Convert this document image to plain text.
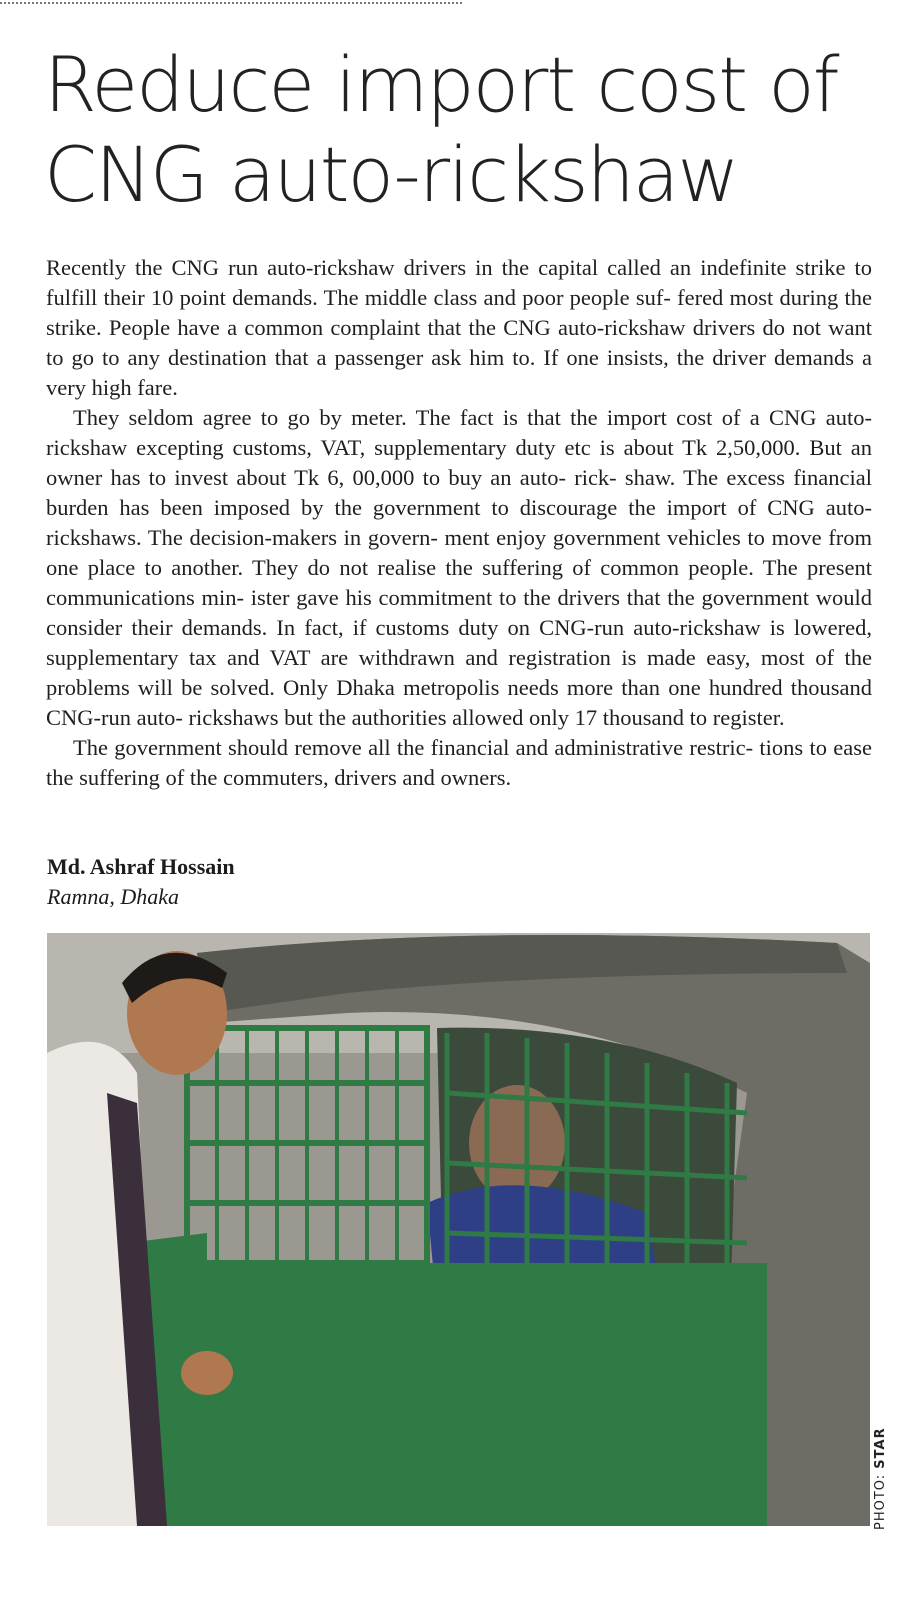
Reduce import cost of
CNG auto-rickshaw

Recently the CNG run auto-rickshaw drivers in the capital called an indefinite strike to fulfill their 10 point demands. The middle class and poor people suf- fered most during the strike. People have a common complaint that the CNG auto-rickshaw drivers do not want to go to any destination that a passenger ask him to. If one insists, the driver demands a very high fare.

They seldom agree to go by meter. The fact is that the import cost of a CNG auto-rickshaw excepting customs, VAT, supplementary duty etc is about Tk 2,50,000. But an owner has to invest about Tk 6, 00,000 to buy an auto- rick- shaw. The excess financial burden has been imposed by the government to discourage the import of CNG auto-rickshaws. The decision-makers in govern- ment enjoy government vehicles to move from one place to another. They do not realise the suffering of common people. The present communications min- ister gave his commitment to the drivers that the government would consider their demands. In fact, if customs duty on CNG-run auto-rickshaw is lowered, supplementary tax and VAT are withdrawn and registration is made easy, most of the problems will be solved. Only Dhaka metropolis needs more than one hundred thousand CNG-run auto- rickshaws but the authorities allowed only 17 thousand to register.

The government should remove all the financial and administrative restric- tions to ease the suffering of the commuters, drivers and owners.

Md. Ashraf Hossain
Ramna, Dhaka
PHOTO: STAR
